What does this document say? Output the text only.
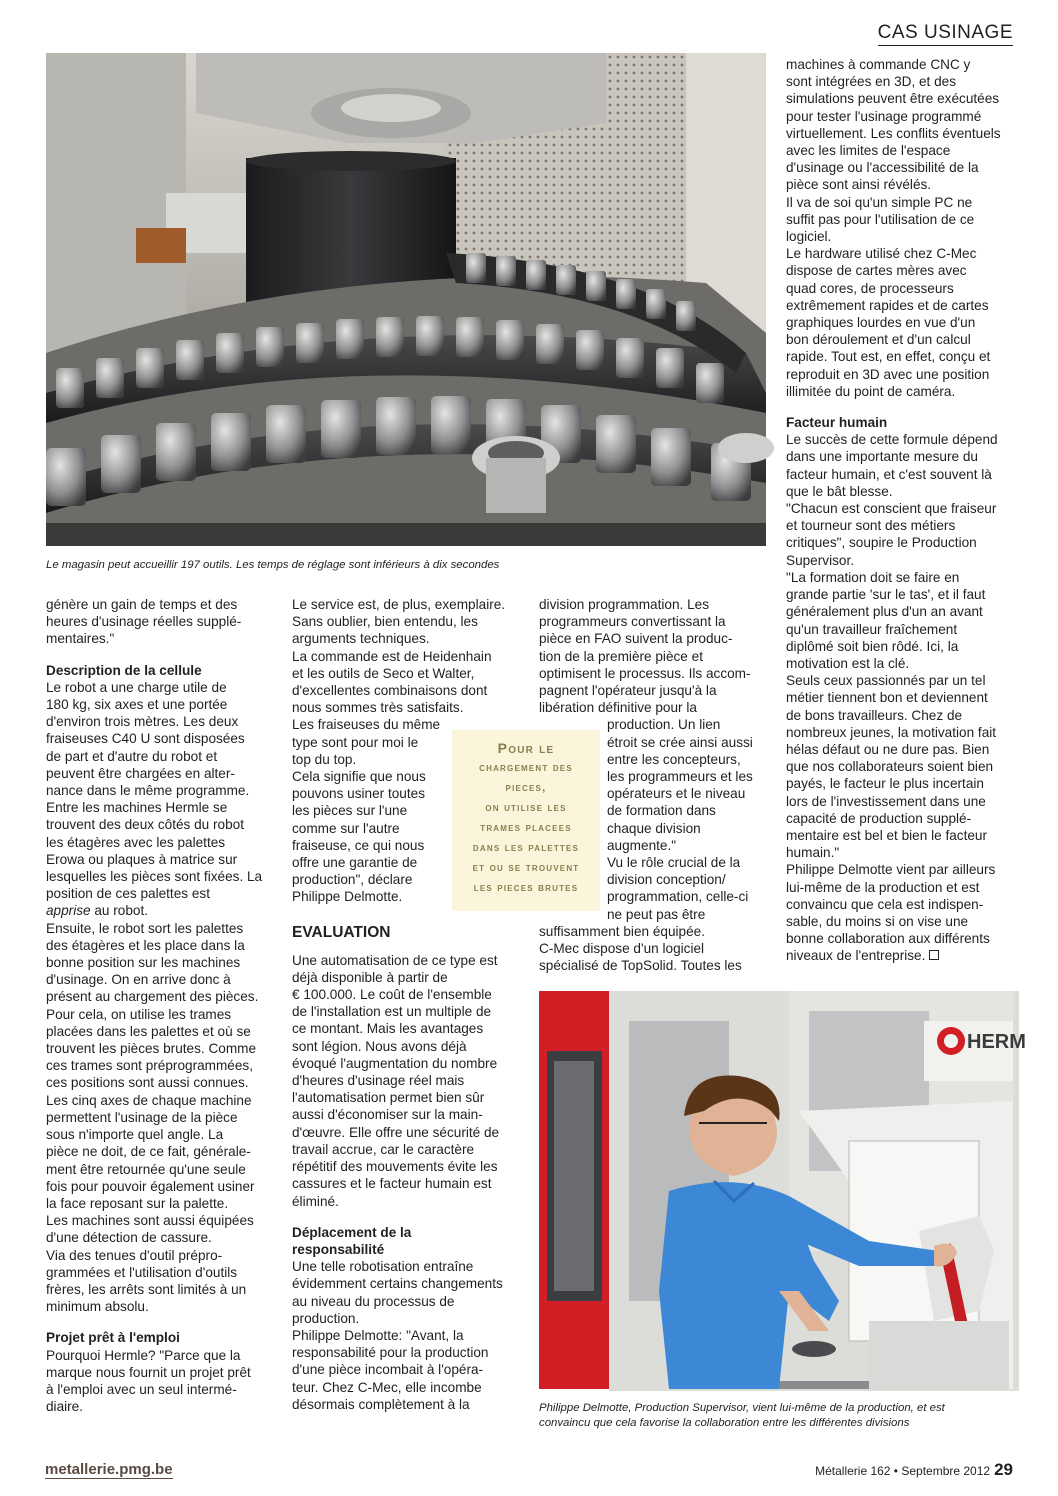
CAS USINAGE
Le magasin peut accueillir 197 outils. Les temps de réglage sont inférieurs à dix secondes

génère un gain de temps et des
heures d'usinage réelles supplé-
mentaires."

Description de la cellule

Le robot a une charge utile de
180 kg, six axes et une portée
d'environ trois mètres. Les deux
fraiseuses C40 U sont disposées
de part et d'autre du robot et
peuvent être chargées en alter-
nance dans le même programme.
Entre les machines Hermle se
trouvent des deux côtés du robot
les étagères avec les palettes
Erowa ou plaques à matrice sur
lesquelles les pièces sont fixées. La
position de ces palettes est
apprise au robot.

Ensuite, le robot sort les palettes
des étagères et les place dans la
bonne position sur les machines
d'usinage. On en arrive donc à
présent au chargement des pièces.
Pour cela, on utilise les trames
placées dans les palettes et où se
trouvent les pièces brutes. Comme
ces trames sont préprogrammées,
ces positions sont aussi connues.
Les cinq axes de chaque machine
permettent l'usinage de la pièce
sous n'importe quel angle. La
pièce ne doit, de ce fait, générale-
ment être retournée qu'une seule
fois pour pouvoir également usiner
la face reposant sur la palette.
Les machines sont aussi équipées
d'une détection de cassure.
Via des tenues d'outil prépro-
grammées et l'utilisation d'outils
frères, les arrêts sont limités à un
minimum absolu.

Projet prêt à l'emploi

Pourquoi Hermle? "Parce que la
marque nous fournit un projet prêt
à l'emploi avec un seul intermé-
diaire.

Le service est, de plus, exemplaire.
Sans oublier, bien entendu, les
arguments techniques.
La commande est de Heidenhain
et les outils de Seco et Walter,
d'excellentes combinaisons dont
nous sommes très satisfaits.
Les fraiseuses du même
type sont pour moi le
top du top.
Cela signifie que nous
pouvons usiner toutes
les pièces sur l'une
comme sur l'autre
fraiseuse, ce qui nous
offre une garantie de
production", déclare
Philippe Delmotte.

EVALUATION

Une automatisation de ce type est
déjà disponible à partir de
€ 100.000. Le coût de l'ensemble
de l'installation est un multiple de
ce montant. Mais les avantages
sont légion. Nous avons déjà
évoqué l'augmentation du nombre
d'heures d'usinage réel mais
l'automatisation permet bien sûr
aussi d'économiser sur la main-
d'œuvre. Elle offre une sécurité de
travail accrue, car le caractère
répétitif des mouvements évite les
cassures et le facteur humain est
éliminé.

Déplacement de la
responsabilité

Une telle robotisation entraîne
évidemment certains changements
au niveau du processus de
production.
Philippe Delmotte: "Avant, la
responsabilité pour la production
d'une pièce incombait à l'opéra-
teur. Chez C-Mec, elle incombe
désormais complètement à la

Pour le
chargement des
pieces,
on utilise les
trames placees
dans les palettes
et ou se trouvent
les pieces brutes

division programmation. Les
programmeurs convertissant la
pièce en FAO suivent la produc-
tion de la première pièce et
optimisent le processus. Ils accom-
pagnent l'opérateur jusqu'à la
libération définitive pour la

production. Un lien
étroit se crée ainsi aussi
entre les concepteurs,
les programmeurs et les
opérateurs et le niveau
de formation dans
chaque division
augmente."
Vu le rôle crucial de la
division conception/
programmation, celle-ci
ne peut pas être

suffisamment bien équipée.
C-Mec dispose d'un logiciel
spécialisé de TopSolid. Toutes les

machines à commande CNC y
sont intégrées en 3D, et des
simulations peuvent être exécutées
pour tester l'usinage programmé
virtuellement. Les conflits éventuels
avec les limites de l'espace
d'usinage ou l'accessibilité de la
pièce sont ainsi révélés.
Il va de soi qu'un simple PC ne
suffit pas pour l'utilisation de ce
logiciel.
Le hardware utilisé chez C-Mec
dispose de cartes mères avec
quad cores, de processeurs
extrêmement rapides et de cartes
graphiques lourdes en vue d'un
bon déroulement et d'un calcul
rapide. Tout est, en effet, conçu et
reproduit en 3D avec une position
illimitée du point de caméra.

Facteur humain

Le succès de cette formule dépend
dans une importante mesure du
facteur humain, et c'est souvent là
que le bât blesse.
"Chacun est conscient que fraiseur
et tourneur sont des métiers
critiques", soupire le Production
Supervisor.
"La formation doit se faire en
grande partie 'sur le tas', et il faut
généralement plus d'un an avant
qu'un travailleur fraîchement
diplômé soit bien rôdé. Ici, la
motivation est la clé.
Seuls ceux passionnés par un tel
métier tiennent bon et deviennent
de bons travailleurs. Chez de
nombreux jeunes, la motivation fait
hélas défaut ou ne dure pas. Bien
que nos collaborateurs soient bien
payés, le facteur le plus incertain
lors de l'investissement dans une
capacité de production supplé-
mentaire est bel et bien le facteur
humain."
Philippe Delmotte vient par ailleurs
lui-même de la production et est
convaincu que cela est indispen-
sable, du moins si on vise une
bonne collaboration aux différents
niveaux de l'entreprise.

HERM
Philippe Delmotte, Production Supervisor, vient lui-même de la production, et est
convaincu que cela favorise la collaboration entre les différentes divisions
metallerie.pmg.be	Métallerie 162 • Septembre 2012 29
